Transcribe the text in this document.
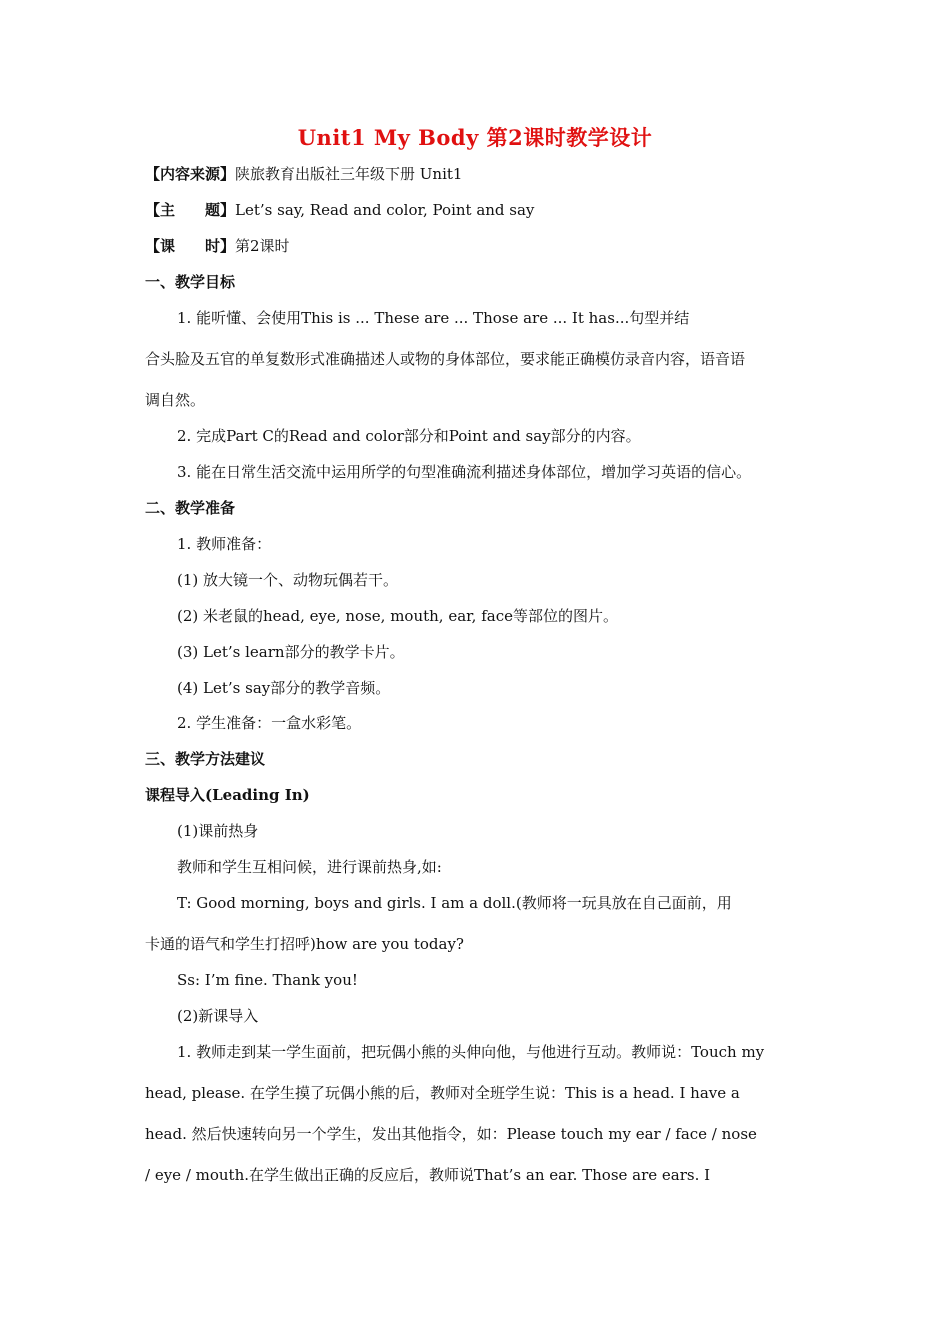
Unit1 My Body 第2课时教学设计
【内容来源】陕旅教育出版社三年级下册 Unit1
【主　　题】Let’s say, Read and color, Point and say
【课　　时】第2课时
一、教学目标
1. 能听懂、会使用This is ... These are ... Those are ... It has...句型并结
合头脸及五官的单复数形式准确描述人或物的身体部位，要求能正确模仿录音内容，语音语
调自然。
2. 完成Part C的Read and color部分和Point and say部分的内容。
3. 能在日常生活交流中运用所学的句型准确流利描述身体部位，增加学习英语的信心。
二、教学准备
1. 教师准备：
(1) 放大镜一个、动物玩偶若干。
(2) 米老鼠的head, eye, nose, mouth, ear, face等部位的图片。
(3) Let’s learn部分的教学卡片。
(4) Let’s say部分的教学音频。
2. 学生准备：一盒水彩笔。
三、教学方法建议
课程导入(Leading In)
(1)课前热身
教师和学生互相问候，进行课前热身,如:
T: Good morning, boys and girls. I am a doll.(教师将一玩具放在自己面前，用
卡通的语气和学生打招呼)how are you today?
Ss: I’m fine. Thank you!
(2)新课导入
1. 教师走到某一学生面前，把玩偶小熊的头伸向他，与他进行互动。教师说：Touch my
head, please. 在学生摸了玩偶小熊的后，教师对全班学生说：This is a head. I have a
head. 然后快速转向另一个学生，发出其他指令，如：Please touch my ear / face / nose
/ eye / mouth.在学生做出正确的反应后，教师说That’s an ear. Those are ears. I
